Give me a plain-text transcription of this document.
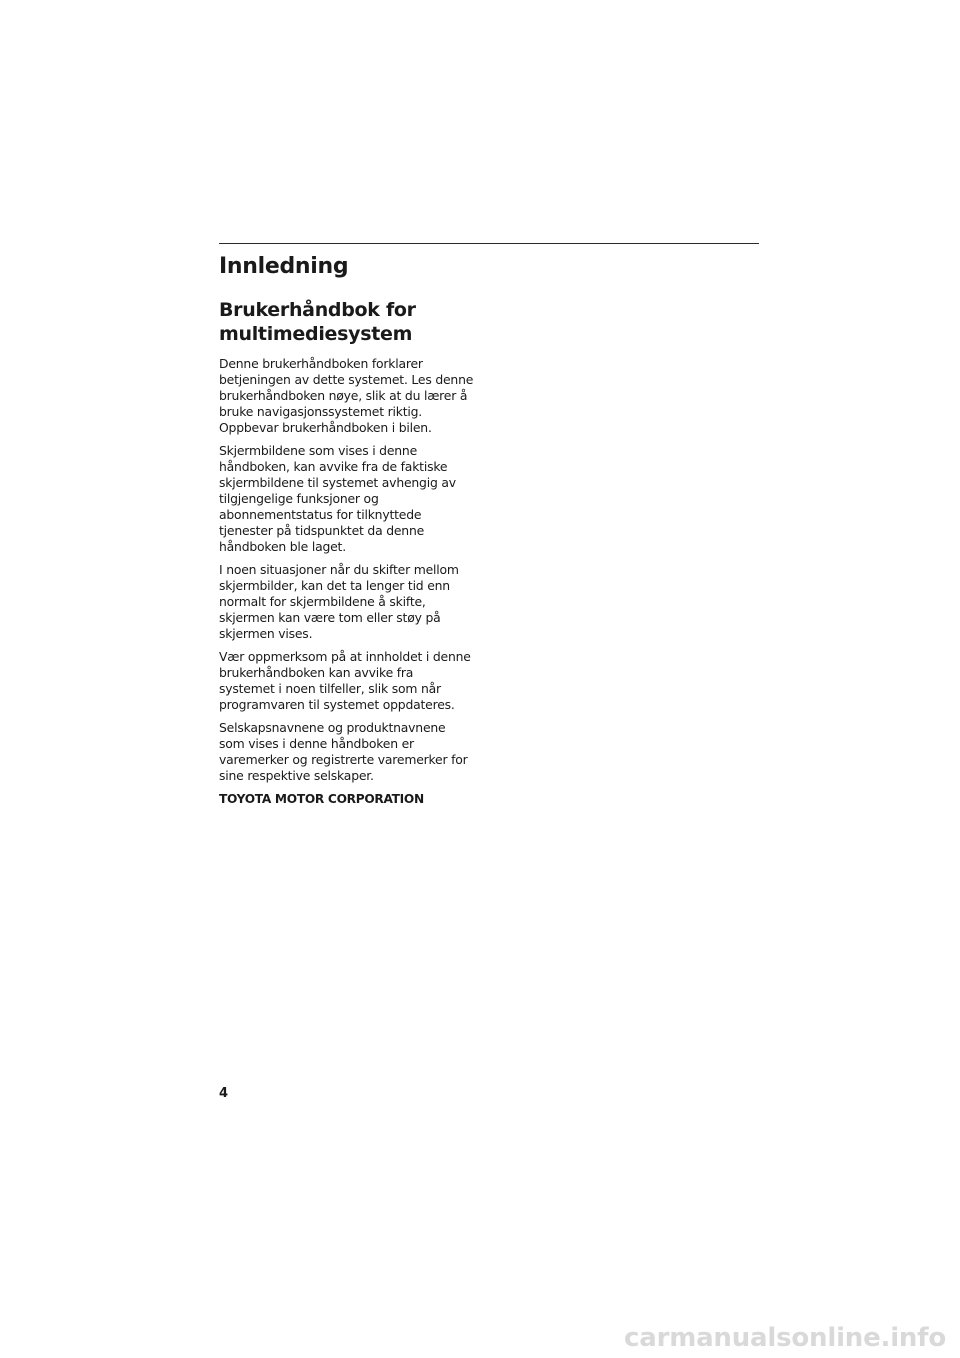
Innledning
Brukerhåndbok for
multimediesystem

Denne brukerhåndboken forklarer
betjeningen av dette systemet. Les denne
brukerhåndboken nøye, slik at du lærer å
bruke navigasjonssystemet riktig.
Oppbevar brukerhåndboken i bilen.

Skjermbildene som vises i denne
håndboken, kan avvike fra de faktiske
skjermbildene til systemet avhengig av
tilgjengelige funksjoner og
abonnementstatus for tilknyttede
tjenester på tidspunktet da denne
håndboken ble laget.

I noen situasjoner når du skifter mellom
skjermbilder, kan det ta lenger tid enn
normalt for skjermbildene å skifte,
skjermen kan være tom eller støy på
skjermen vises.

Vær oppmerksom på at innholdet i denne
brukerhåndboken kan avvike fra
systemet i noen tilfeller, slik som når
programvaren til systemet oppdateres.

Selskapsnavnene og produktnavnene
som vises i denne håndboken er
varemerker og registrerte varemerker for
sine respektive selskaper.

TOYOTA MOTOR CORPORATION

4
carmanualsonline.info
